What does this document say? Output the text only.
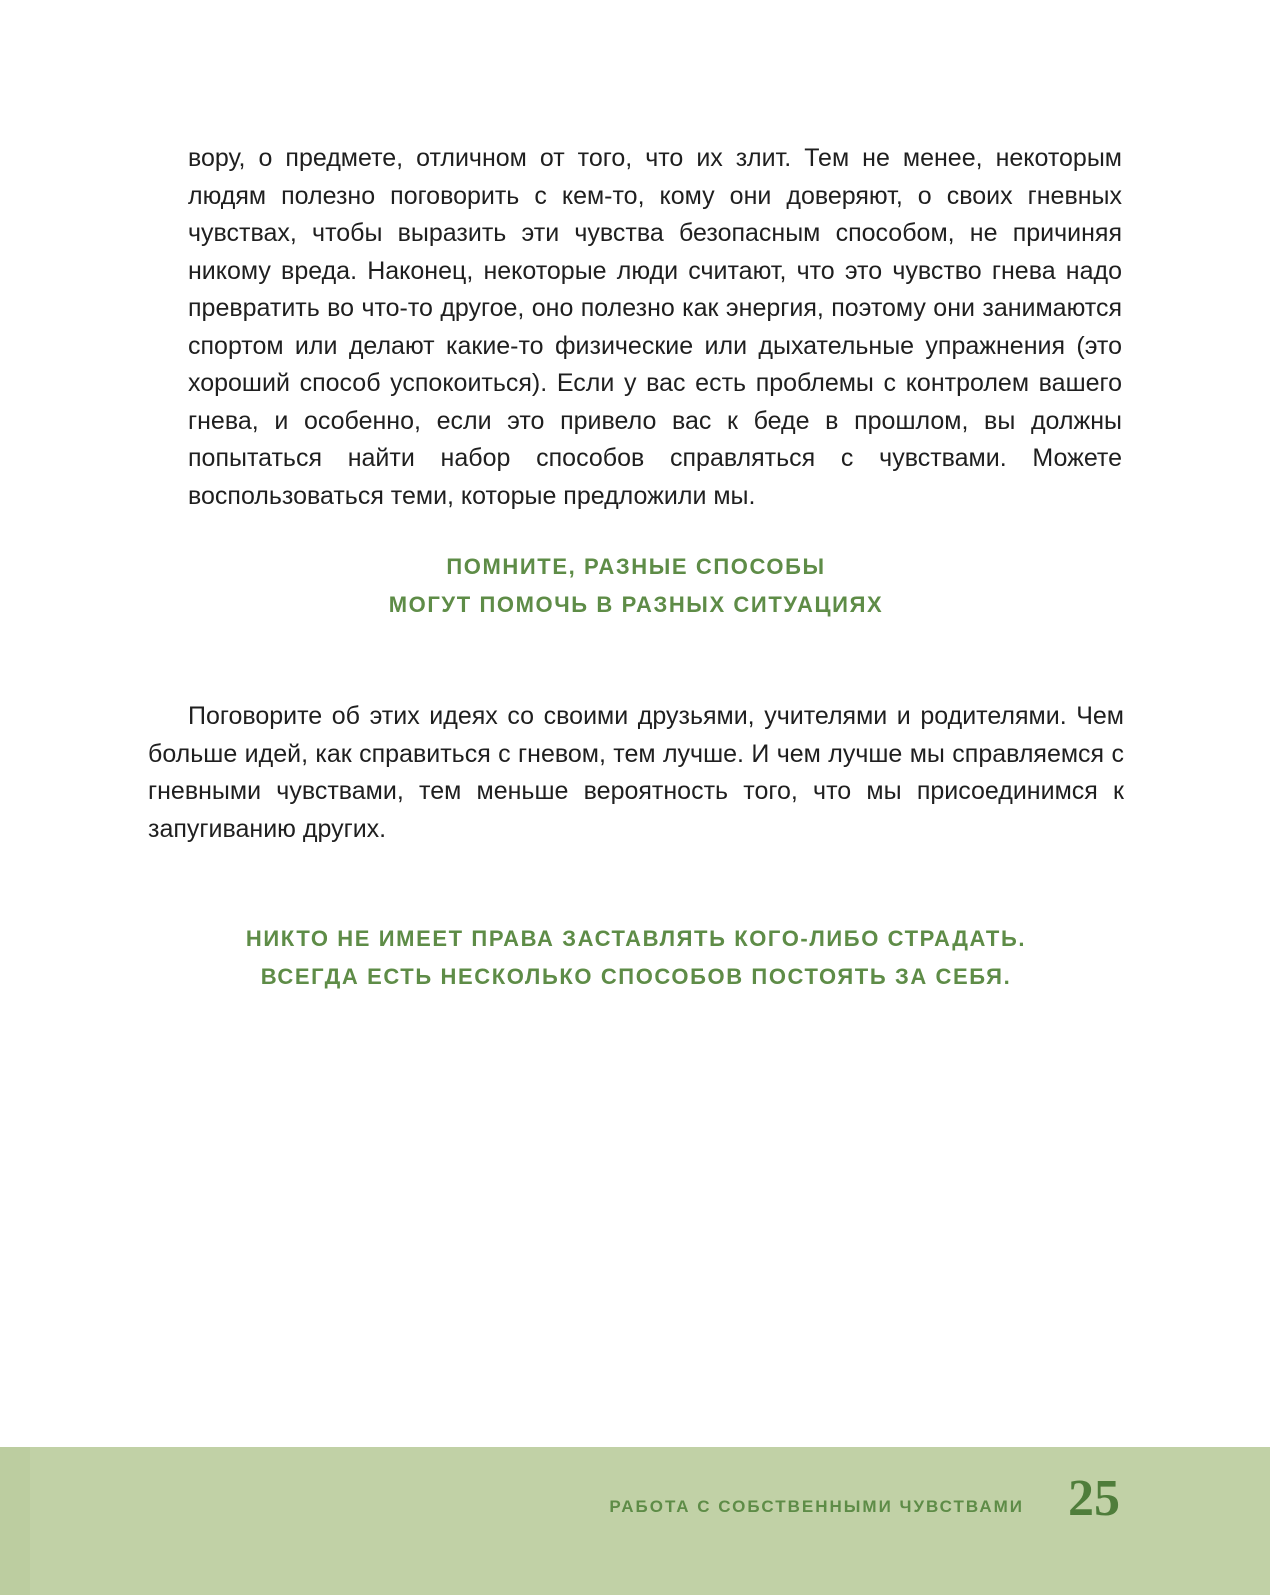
вору, о предмете, отличном от того, что их злит. Тем не менее, некоторым людям полезно поговорить с кем-то, кому они доверяют, о своих гневных чувствах, чтобы выразить эти чувства безопасным способом, не причиняя никому вреда. Наконец, некоторые люди считают, что это чувство гнева надо превратить во что-то другое, оно полезно как энергия, поэтому они занимаются спортом или делают какие-то физические или дыхательные упражнения (это хороший способ успокоиться). Если у вас есть проблемы с контролем вашего гнева, и особенно, если это привело вас к беде в прошлом, вы должны попытаться найти набор способов справляться с чувствами. Можете воспользоваться теми, которые предложили мы.

ПОМНИТЕ, РАЗНЫЕ СПОСОБЫ
МОГУТ ПОМОЧЬ В РАЗНЫХ СИТУАЦИЯХ

Поговорите об этих идеях со своими друзьями, учителями и родителями. Чем больше идей, как справиться с гневом, тем лучше. И чем лучше мы справляемся с гневными чувствами, тем меньше вероятность того, что мы присоединимся к запугиванию других.

НИКТО НЕ ИМЕЕТ ПРАВА ЗАСТАВЛЯТЬ КОГО-ЛИБО СТРАДАТЬ.
ВСЕГДА ЕСТЬ НЕСКОЛЬКО СПОСОБОВ ПОСТОЯТЬ ЗА СЕБЯ.
РАБОТА С СОБСТВЕННЫМИ ЧУВСТВАМИ 25
